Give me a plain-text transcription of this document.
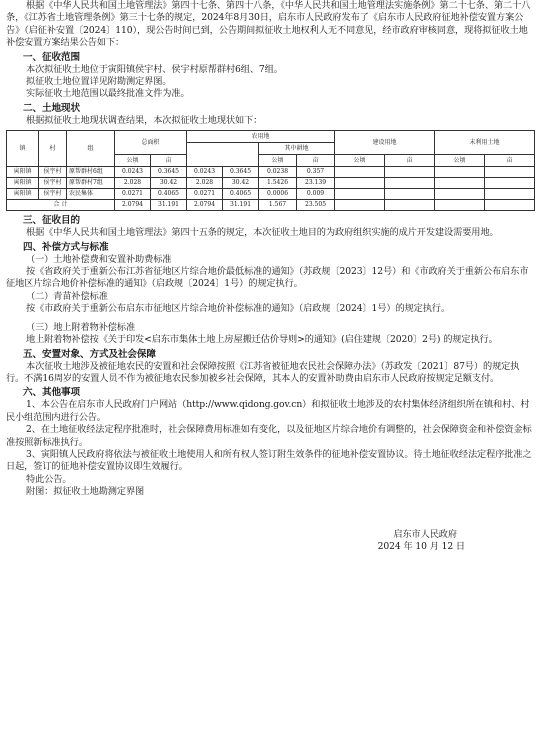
根据《中华人民共和国土地管理法》第四十七条、第四十八条，《中华人民共和国土地管理法实施条例》第二十七条、第二十八条，《江苏省土地管理条例》第三十七条的规定，2024年8月30日，启东市人民政府发布了《启东市人民政府征地补偿安置方案公告》（启征补安置〔2024〕110），现公告时间已到，公告期间拟征收土地权利人无不同意见，经市政府审核同意，现将拟征收土地补偿安置方案结果公告如下：

一、征收范围

本次拟征收土地位于寅阳镇侯宇村、侯宇村原帮群村6组、7组。

拟征收土地位置详见附勘测定界图。

实际征收土地范围以最终批准文件为准。

二、土地现状

根据拟征收土地现状调查结果，本次拟征收土地现状如下：

镇	村	组	总面积		农用地				建设用地		未利用土地	
							其中耕地					
			公顷	亩			公顷	亩	公顷	亩	公顷	亩
寅阳镇	侯宇村	原帮群村6组	0.0243	0.3645	0.0243	0.3645	0.0238	0.357				
寅阳镇	侯宇村	原帮群村7组	2.028	30.42	2.028	30.42	1.5426	23.139				
寅阳镇	侯宇村	农民集体	0.0271	0.4065	0.0271	0.4065	0.0006	0.009				
合 计			2.0794	31.191	2.0794	31.191	1.567	23.505				

三、征收目的

根据《中华人民共和国土地管理法》第四十五条的规定，本次征收土地目的为政府组织实施的成片开发建设需要用地。

四、补偿方式与标准

（一）土地补偿费和安置补助费标准

按《省政府关于重新公布江苏省征地区片综合地价最低标准的通知》（苏政规〔2023〕12号）和《市政府关于重新公布启东市征地区片综合地价补偿标准的通知》（启政规〔2024〕1号）的规定执行。

（二）青苗补偿标准

按《市政府关于重新公布启东市征地区片综合地价补偿标准的通知》（启政规〔2024〕1号）的规定执行。

（三）地上附着物补偿标准

地上附着物补偿按《关于印发<启东市集体土地上房屋搬迁估价导则>的通知》(启住建规〔2020〕2号) 的规定执行。

五、安置对象、方式及社会保障

本次征收土地涉及被征地农民的安置和社会保障按照《江苏省被征地农民社会保障办法》（苏政发〔2021〕87号）的规定执行。不满16周岁的安置人员不作为被征地农民参加被乡社会保障，其本人的安置补助费由启东市人民政府按规定足额支付。

六、其他事项

1、本公告在启东市人民政府门户网站（http://www.qidong.gov.cn）和拟征收土地涉及的农村集体经济组织所在镇和村、村民小组范围内进行公告。

2、在土地征收经法定程序批准时，社会保障费用标准如有变化，以及征地区片综合地价有调整的，社会保障资金和补偿资金标准按照新标准执行。

3、寅阳镇人民政府将依法与被征收土地使用人和所有权人签订附生效条件的征地补偿安置协议。待土地征收经法定程序批准之日起，签订的征地补偿安置协议即生效履行。

特此公告。

附图：拟征收土地勘测定界图

启东市人民政府

2024 年 10 月 12 日
